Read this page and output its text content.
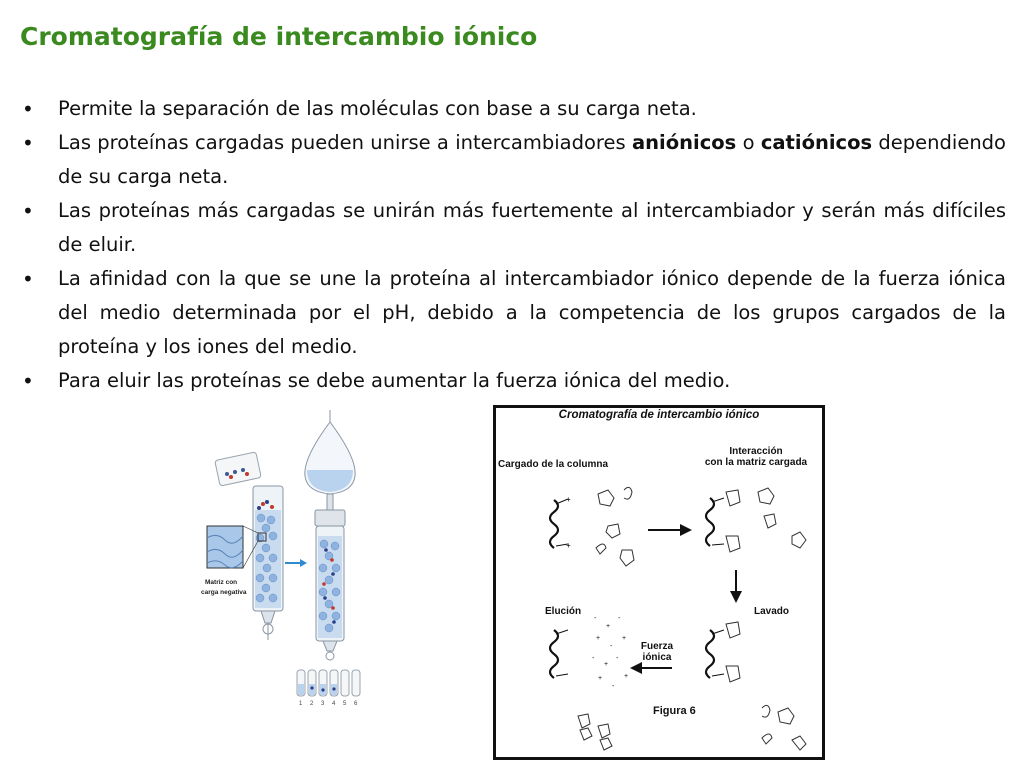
Cromatografía de intercambio iónico
• Permite la separación de las moléculas con base a su carga neta.
• Las proteínas cargadas pueden unirse a intercambiadores aniónicos o catiónicos dependiendo de su carga neta.
• Las proteínas más cargadas se unirán más fuertemente al intercambiador y serán más difíciles de eluir.
• La afinidad con la que se une la proteína al intercambiador iónico depende de la fuerza iónica del medio determinada por el pH, debido a la competencia de los grupos cargados de la proteína y los iones del medio.
• Para eluir las proteínas se debe aumentar la fuerza iónica del medio.
Matriz con
carga negativa
1 2 3 4 5 6
Cromatografía de intercambio iónico
Cargado de la columna
Interacción
con la matriz cargada
Elución	Lavado
Fuerza
iónica
Figura 6
+
+
-
+
-
+
-
+
-
+
-
+
-
+
